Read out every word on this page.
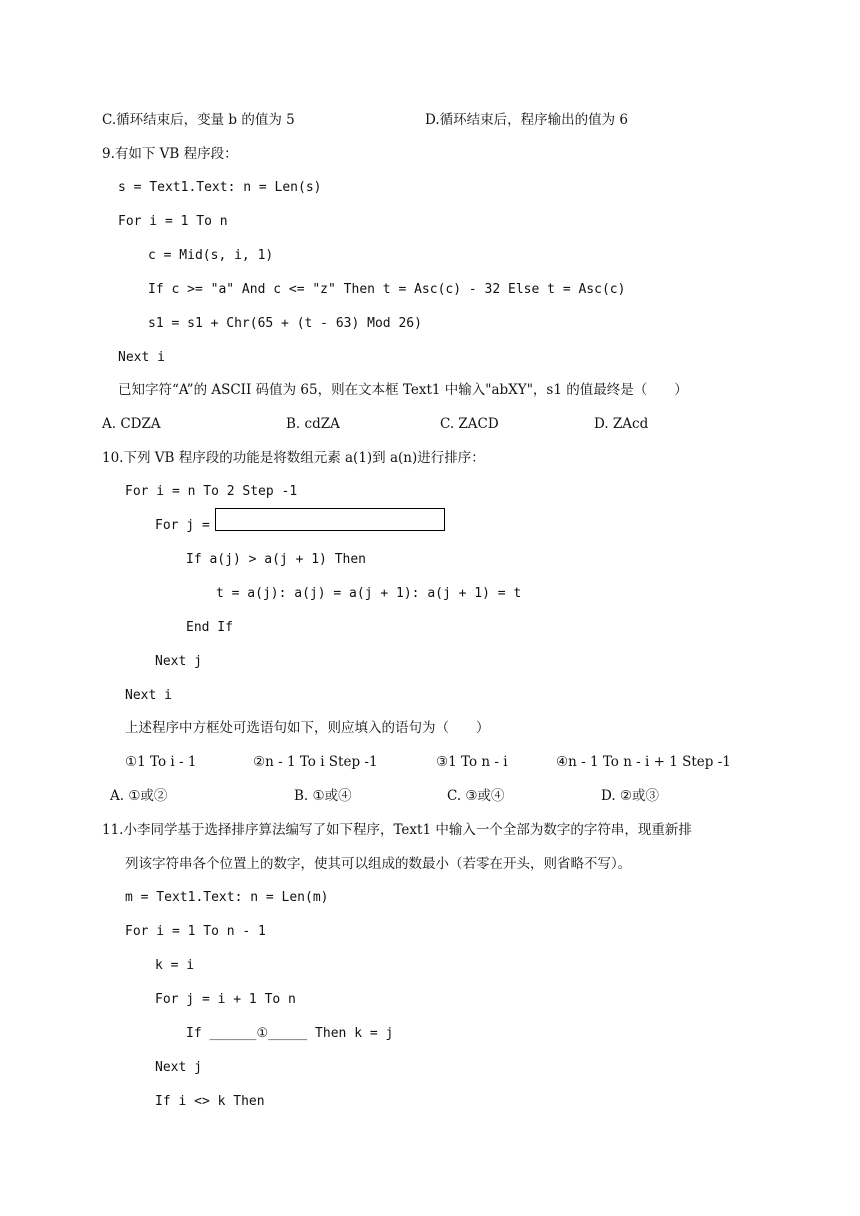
C.循环结束后，变量 b 的值为 5	D.循环结束后，程序输出的值为 6
9.有如下 VB 程序段：
s = Text1.Text: n = Len(s)
For i = 1 To n
c = Mid(s, i, 1)
If c >= "a" And c <= "z" Then t = Asc(c) - 32 Else t = Asc(c)
s1 = s1 + Chr(65 + (t - 63) Mod 26)
Next i
已知字符“A”的 ASCII 码值为 65，则在文本框 Text1 中输入"abXY"，s1 的值最终是（　　）
A. CDZA	B. cdZA	C. ZACD	D. ZAcd
10.下列 VB 程序段的功能是将数组元素 a(1)到 a(n)进行排序：
For i = n To 2 Step -1
For j =
If a(j) > a(j + 1) Then
t = a(j): a(j) = a(j + 1): a(j + 1) = t
End If
Next j
Next i
上述程序中方框处可选语句如下，则应填入的语句为（　　）
①1 To i - 1	②n - 1 To i Step -1	③1 To n - i	④n - 1 To n - i + 1 Step -1
A. ①或②	B. ①或④	C. ③或④	D. ②或③
11.小李同学基于选择排序算法编写了如下程序，Text1 中输入一个全部为数字的字符串，现重新排
列该字符串各个位置上的数字，使其可以组成的数最小（若零在开头，则省略不写）。
m = Text1.Text: n = Len(m)
For i = 1 To n - 1
k = i
For j = i + 1 To n
If ______①_____ Then k = j
Next j
If i <> k Then
